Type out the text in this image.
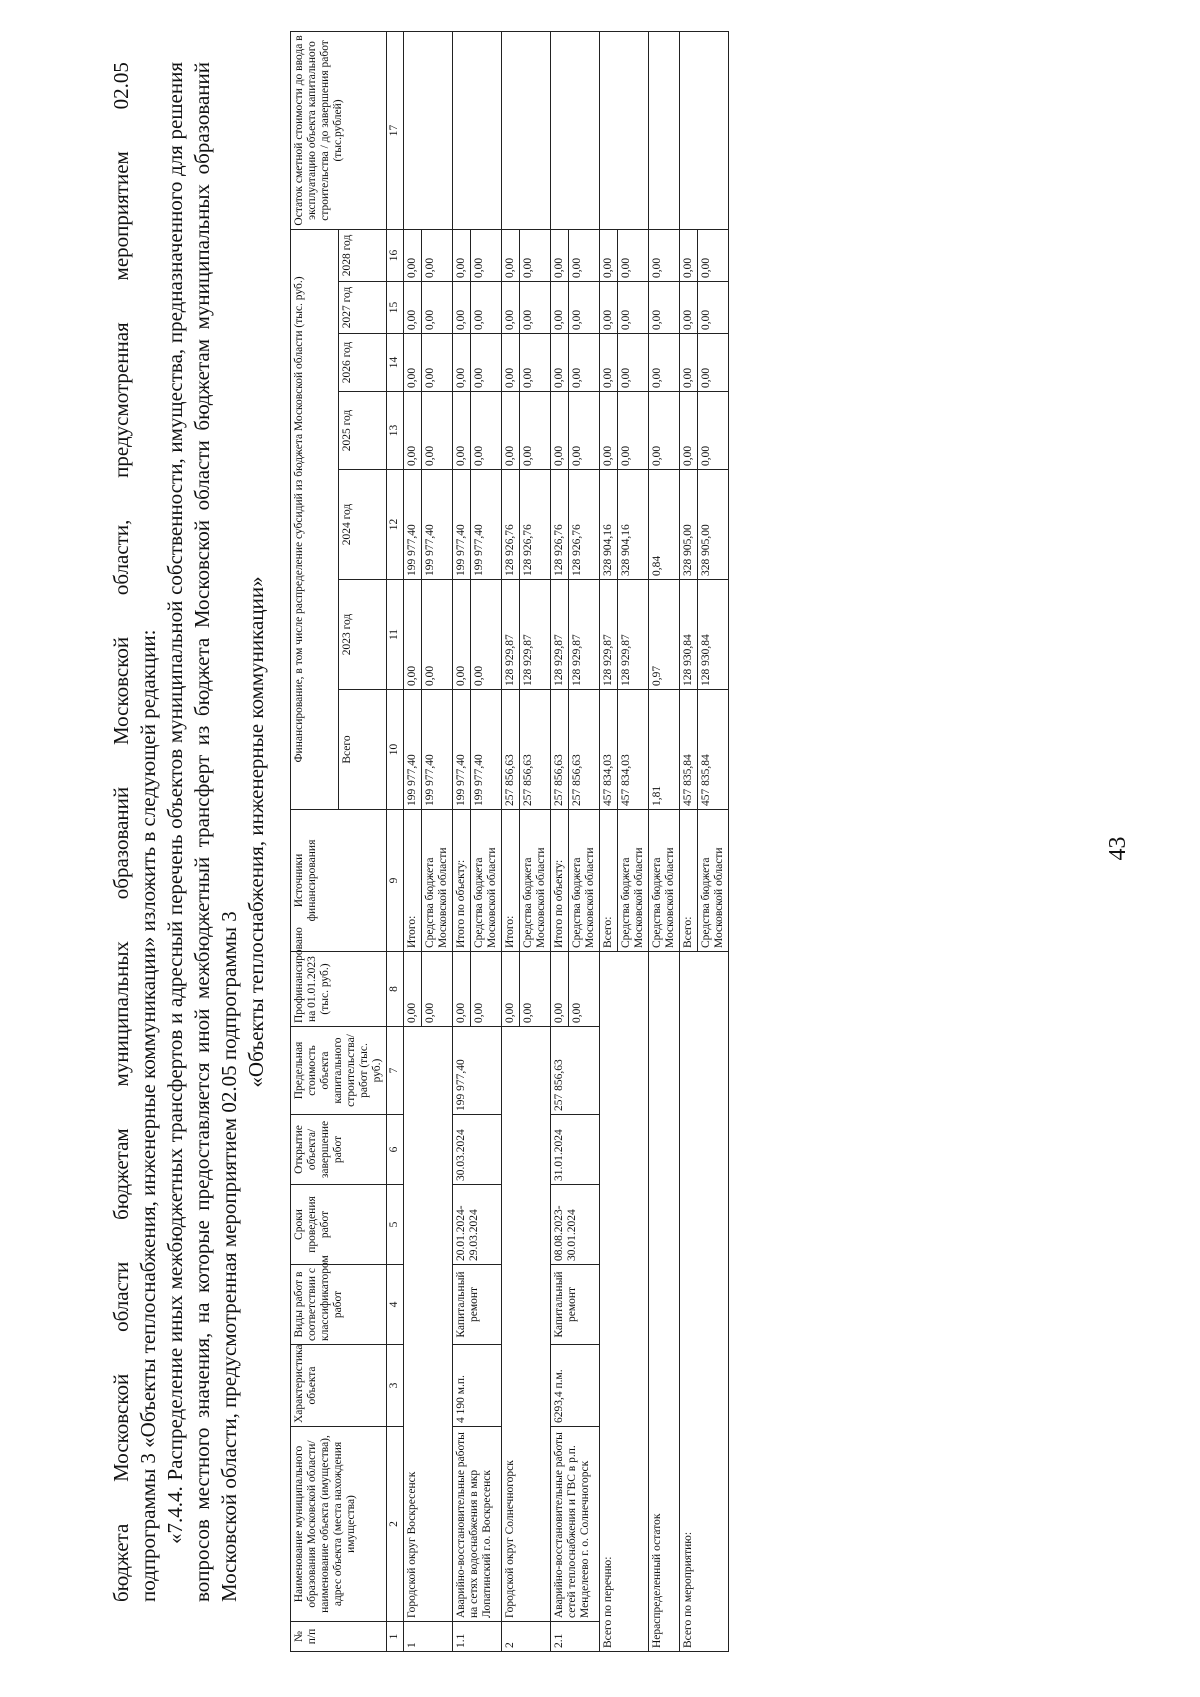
43
бюджета
Московской
области
бюджетам
муниципальных
образований
Московской
области,
предусмотренная
мероприятием
02.05

подпрограммы 3 «Объекты теплоснабжения, инженерные коммуникации» изложить в следующей редакции: «7.4.4. Распределение иных межбюджетных трансфертов и адресный перечень объектов муниципальной собственности, имущества, предназначенного для решения вопросов местного значения, на которые предоставляется иной межбюджетный трансферт из бюджета Московской области бюджетам муниципальных образований Московской области, предусмотренная мероприятием 02.05 подпрограммы 3

«Объекты теплоснабжения, инженерные коммуникации»

№ п/п	Наименование муниципального образования Московской области/наименование объекта (имущества), адрес объекта (места нахождения имущества)	Характеристика объекта	Виды работ в соответствии с классификатором работ	Сроки проведения работ	Открытие объекта/завершение работ	Предельная стоимость объекта капитального строительства/работ (тыс. руб.)	Профинансировано на 01.01.2023 (тыс. руб.)	Источники финансирования	Финансирование, в том числе распределение субсидий из бюджета Московской области (тыс. руб.)							Остаток сметной стоимости до ввода в эксплуатацию объекта капитального строительства / до завершения работ (тыс.рублей)
									Всего	2023 год	2024 год	2025 год	2026 год	2027 год	2028 год	
1	2	3	4	5	6	7	8	9	10	11	12	13	14	15	16	17
1	Городской округ Воскресенск						0,00	Итого:	199 977,40	0,00	199 977,40	0,00	0,00	0,00	0,00	
							0,00	Средства бюджета Московской области	199 977,40	0,00	199 977,40	0,00	0,00	0,00	0,00	
1.1	Аварийно-восстановительные работы на сетях водоснабжения в мкр Лопатинский г.о. Воскресенск	4 190 м.п.	Капитальный ремонт	20.01.2024-29.03.2024	30.03.2024	199 977,40	0,00	Итого по объекту:	199 977,40	0,00	199 977,40	0,00	0,00	0,00	0,00	
							0,00	Средства бюджета Московской области	199 977,40	0,00	199 977,40	0,00	0,00	0,00	0,00	
2	Городской округ Солнечногорск						0,00	Итого:	257 856,63	128 929,87	128 926,76	0,00	0,00	0,00	0,00	
							0,00	Средства бюджета Московской области	257 856,63	128 929,87	128 926,76	0,00	0,00	0,00	0,00	
2.1	Аварийно-восстановительные работы сетей теплоснабжения и ГВС в р.п. Менделеево г. о. Солнечногорск	6293,4 п.м.	Капитальный ремонт	08.08.2023-30.01.2024	31.01.2024	257 856,63	0,00	Итого по объекту:	257 856,63	128 929,87	128 926,76	0,00	0,00	0,00	0,00	
							0,00	Средства бюджета Московской области	257 856,63	128 929,87	128 926,76	0,00	0,00	0,00	0,00	
Всего по перечню:								Всего:	457 834,03	128 929,87	328 904,16	0,00	0,00	0,00	0,00	
								Средства бюджета Московской области	457 834,03	128 929,87	328 904,16	0,00	0,00	0,00	0,00	
Нераспределенный остаток								Средства бюджета Московской области	1,81	0,97	0,84	0,00	0,00	0,00	0,00	
Всего по мероприятию:								Всего:	457 835,84	128 930,84	328 905,00	0,00	0,00	0,00	0,00	
								Средства бюджета Московской области	457 835,84	128 930,84	328 905,00	0,00	0,00	0,00	0,00	
